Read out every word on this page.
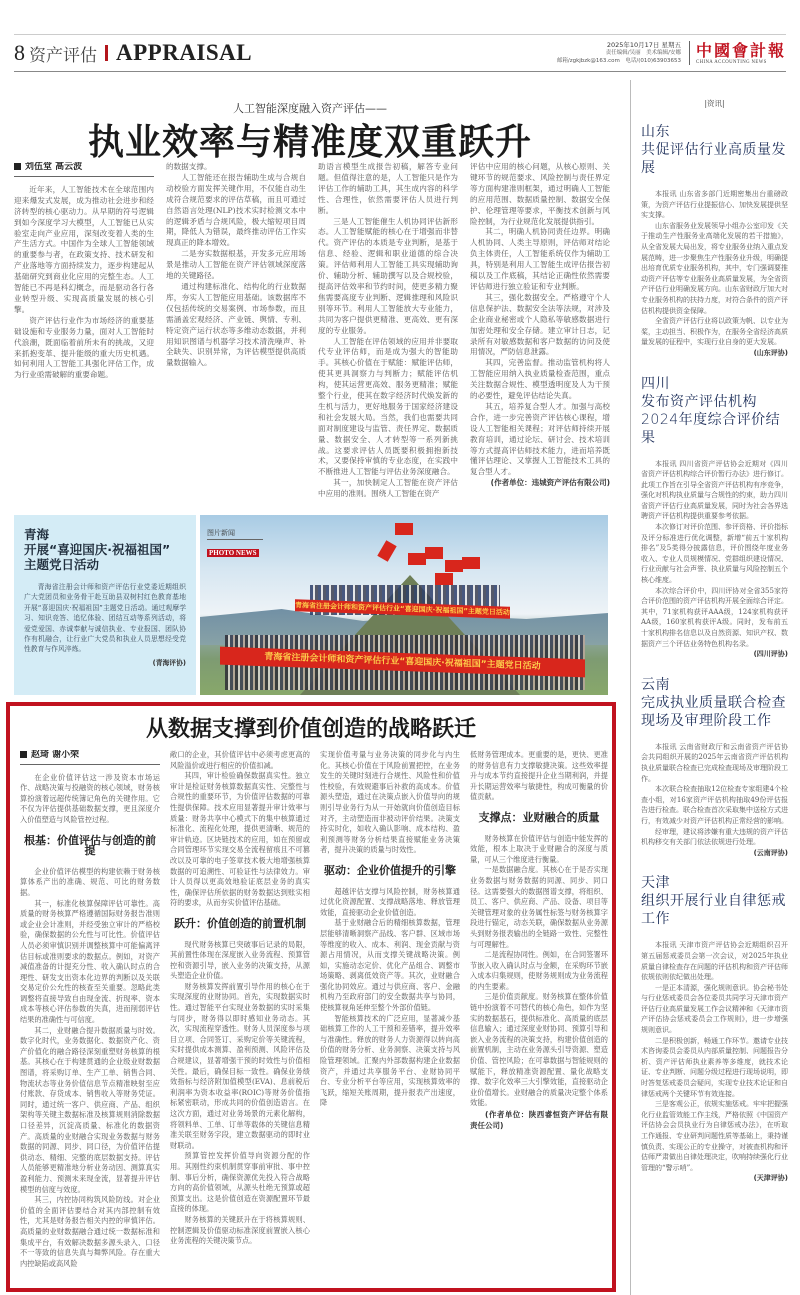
8 资产评估 APPRAISAL	2025年10月17日 星期五
责任编辑/吴丽　美术编辑/安娜
邮箱/zgkjbzk@163.com　电话/(010)63903653
中國會計報
CHINA ACCOUNTING NEWS
人工智能深度融入资产评估——
执业效率与精准度双重跃升
刘伍堂 高云波

近年来，人工智能技术在全球范围内迎来爆发式发展，成为推动社会进步和经济转型的核心驱动力。从早期的符号逻辑到如今深度学习大模型，人工智能已从实验室走向产业应用，深刻改变着人类的生产生活方式。中国作为全球人工智能领域的重要参与者，在政策支持、技术研发和产业落地等方面持续发力，逐步构建起从基础研究到商业化应用的完整生态。人工智能已不再是科幻概念，而是驱动各行各业转型升级、实现高质量发展的核心引擎。

资产评估行业作为市场经济的重要基础设施和专业服务力量，面对人工智能时代浪潮，既面临着前所未有的挑战，又迎来抓抱变革、提升能级的重大历史机遇。如何利用人工智能工具强化评估工作，成为行业亟需破解的重要命题。

的数据支撑。

人工智能还在报告辅助生成与合规自动校验方面发挥关键作用，不仅能自动生成符合规范要求的评估草稿，而且可通过自然语言处理(NLP)技术实时检测文本中的逻辑矛盾与合规风险，极大缩短项目周期，降低人为错误，最终推动评估工作实现真正的降本增效。

二是夯实数据根基，开发多元应用场景是推动人工智能在资产评估领域深度落地的关键路径。

通过构建标准化、结构化的行业数据库，夯实人工智能应用基础。该数据库不仅包括传统的交易案例、市场参数，而且需涵盖宏观经济、产业链、舆情、专利、特定资产运行状态等多维动态数据，并利用知识图谱与机器学习技术清洗噪声、补全缺失、识别异常，为评估模型提供高质量数据输入。

助语言模型生成报告初稿，解答专业问题。但值得注意的是，人工智能只是作为评估工作的辅助工具，其生成内容的科学性、合理性，依然需要评估人员进行判断。

三是人工智能催生人机协同评估新形态。人工智能赋能的核心在于增强而非替代。资产评估的本质是专业判断，是基于信息、经验、逻辑和职业道德的综合决策。评估师利用人工智能工具实现辅助询价、辅助分析、辅助撰写以及合规校验，提高评估效率和节约时间，使更多精力聚焦需要高度专业判断、逻辑推理和风险识别等环节。利用人工智能放大专业能力，共同为客户提供更精准、更高效、更有深度的专业服务。

人工智能在评估领域的应用并非要取代专业评估师，而是成为强大的智能助手。其核心价值在于赋能：赋能评估师，使其更具洞察力与判断力；赋能评估机构，使其运营更高效、服务更精准；赋能整个行业，使其在数字经济时代焕发新的生机与活力，更好地服务于国家经济建设和社会发展大局。当然，我们也需要共同面对制度建设与监管、责任界定、数据质量、数据安全、人才转型等一系列新挑战。这要求评估人员既要积极拥抱新技术，又要保持审慎的专业态度，在实践中不断推进人工智能与评估业务深度融合。

其一，加快制定人工智能在资产评估中应用的准则。围绕人工智能在资产

评估中应用的核心问题，从核心原则、关键环节的规范要求、风险控制与责任界定等方面构建准则框架，通过明确人工智能的应用范围、数据质量控制、数据安全保护、伦理管理等要求，平衡技术创新与风险控制，为行业规范化发展提供指引。

其二，明确人机协同责任边界。明确人机协同、人类主导原则，评估师对结论负主体责任，人工智能系统仅作为辅助工具，特别是利用人工智能生成评估报告初稿以及工作底稿，其结论正确性依然需要评估师进行独立验证和专业判断。

其三，强化数据安全。严格遵守个人信息保护法、数据安全法等法规，对涉及企业商业秘密或个人隐私等敏感数据进行加密处理和安全存储。建立审计日志，记录所有对敏感数据和客户数据的访问及使用情况，严防信息泄露。

其四，完善监督。推动监管机构将人工智能应用纳入执业质量检查范围，重点关注数据合规性、模型透明度及人为干预的必要性，避免评估结论失真。

其五，培养复合型人才。加强与高校合作，进一步完善资产评估核心课程，增设人工智能相关课程；对评估师持续开展教育培训，通过论坛、研讨会、技术培训等方式提高评估师技术能力，进而培养既懂评估理论、又掌握人工智能技术工具的复合型人才。

(作者单位：违城资产评估有限公司)
青海
开展“喜迎国庆·祝福祖国”
主题党日活动
青海省注册会计师和资产评估行业党委近期组织广大党团员和业务骨干赴互助县双树村红色教育基地开展“喜迎国庆·祝福祖国”主题党日活动。通过观摩学习、知识竞答、追忆体验、团结互动等系列活动，将爱党爱国、赤诚奉献与诚信执业、专业报国、团队协作有机融合，让行业广大党员和执业人员思想经受党性教育与作风淬炼。
(青海评协)
青海省注册会计师和资产评估行业“喜迎国庆·祝福祖国”主题党日活动
青海省注册会计师和资产评估行业“喜迎国庆·祝福祖国”主题党日活动
图片新闻
PHOTO NEWS
从数据支撑到价值创造的战略跃迁
赵琦 谢小荣

在企业价值评估这一涉及资本市场运作、战略决策与投融资的核心领域，财务核算扮演着远超传统簿记角色的关键作用。它不仅为评估提供基础数据支撑，更且深度介入价值塑造与风险管控过程。

根基：价值评估与创造的前提

企业价值评估模型的构建依赖于财务核算体系产出的准确、规范、可比的财务数据。

其一，标准化核算保障评估可靠性。高质量的财务核算严格遵循国际财务报告准则或企业会计准则，并经受独立审计的严格校验，确保数据的公允性与可比性。价值评估人员必须审慎识别并调整核算中可能偏离评估目标或准则要求的数据点。例如，对资产减值准备的计提充分性、收入确认时点的合理性、研发支出资本化边界的判断以及关联交易定价公允性的核查至关重要。忽略此类调整将直接导致自由现金流、折现率、资本成本等核心评估参数的失真，进而削弱评估结果的准确性与可信度。

其二，业财融合提升数据质量与时效。数字化时代，业务数据化、数据资产化、资产价值化的融合路径深刻重塑财务核算的根基。其核心在于构建贯通的企业级业财数据图谱，将采购订单、生产工单、销售合同、物流状态等业务价值信息节点精准映射至应付账款、存货成本、销售收入等财务凭证。同时，通过统一客户、供应商、产品、组织架构等关键主数据标准及核算规则消除数据口径差异，沉淀高质量、标准化的数据资产。高质量的业财融合实现业务数据与财务数据的同源、同步、同口径，为价值评估提供动态、精细、完整的底层数据支持。评估人员能够更精准地分析业务动因、测算真实盈利能力、预测未来现金流，显著提升评估模型的信度与效度。

其三，内控协同构筑风险防线。对企业价值的全面评估要结合对其内部控制有效性，尤其是财务报告相关内控的审慎评估。高质量的业财数据融合通过统一数据标准和集成平台，有效解决数据多源头录入、口径不一等致的信息失真与舞弊风险。存在重大内控缺陷或高风险

敞口的企业，其价值评估中必须考虑更高的风险溢价或进行相应的价值扣减。

其四，审计检验确保数据真实性。独立审计是检证财务核算数据真实性、完整性与合规性的重要环节，为价值评估数据的可靠性提供保障。技术应用显著提升审计效率与质量：财务共享中心模式下的集中核算通过标准化、流程化处理，提供更清晰、规范的审计轨迹。区块链技术的应用，如在预留或合同管理环节实现交易全流程留痕且不可篡改以及可靠的电子签章技术极大地增强核算数据的可追溯性、可验证性与法律效力。审计人员得以更高效地验证底层业务的真实性，确保评估所依据的财务数据达到账实相符的要求，从而夯实价值评估基础。

跃升：价值创造的前置机制

现代财务核算已突破事后记录的局限，其前置性体现在深度嵌入业务流程、预算管控和资源引导，嵌入业务的决策支持，从源头塑造企业价值。

财务核算发挥前置引导作用的核心在于实现深度的业财协同。首先，实现数据实时性。通过智能平台实现业务数据的实时采集与同步，财务得以即时感知业务动态。其次，实现流程穿透性。财务人员深度参与项目立项、合同签订、采购定价等关键流程，实时提供成本测算、盈利预测、风险评估及合规建议，显著增强干预的时效性与价值相关性。最后，确保目标一致性。确保业务绩效指标与经济附加值模型(EVA)、息前税后利润率为资本收益率(ROIC)等财务价值指标紧密联动，形成共同的价值创造语言。在这次方面，通过对业务场景的元素化解构，将领料单、工单、订单等载体的关键信息精准关联至财务字段，建立数据驱动的即时业财联动。

预算管控发挥价值导向资源分配的作用。其刚性约束机制贯穿事前审批、事中控制、事后分析，确保资源优先投入符合战略方向的高价值领域，从源头杜绝无预算或超预算支出。这是价值创造在资源配置环节最直接的体现。

财务核算的关键跃升在于将核算规则、控制逻辑及价值驱动标准深度前置嵌入核心业务流程的关键决策节点。

实现价值考量与业务决策的同步化与内生化。其核心价值在于风险前置把控，在业务发生的关键时刻进行合规性、风险性和价值性校验，有效规避事后补救的高成本。价值源头塑造，通过在决策点嵌入价值导向的规则引导业务行为从一开始就向价值创造目标对齐，主动塑造而非被动评价结果。决策支持实时化，如收入确认影响、成本结构、盈利预测等财务分析结果直接赋能业务决策者，提升决策的质量与时效性。

驱动：企业价值提升的引擎

超越评估支撑与风险控制，财务核算通过优化资源配置、支撑战略落地、释放管理效能，直接驱动企业价值创造。

基于业财融合后的精细核算数据，管理层能够清晰洞察产品线、客户群、区域市场等维度的收入、成本、利润、现金贡献与资源占用情况，从而支撑关键战略决策。例如，实施动态定价、优化产品组合、调整市场策略、剥离低效资产等。其次，业财融合强化协同效应。通过与供应商、客户、金融机构乃至政府部门的安全数据共享与协同，使核算视角延伸至整个外部价值链。

智能核算技术的广泛应用，显著减少基础核算工作的人工干预和差错率，提升效率与准确性。释放的财务人力资源得以转向高价值的财务分析、业务洞察、决策支持与风险管理领域。汇聚内外部数据构建企业数据资产，并通过共享服务平台、业财协同平台、专业分析平台等应用，实现核算效率的飞跃，缩短关账周期，提升报表产出速度，降

低财务管理成本。更重要的是，更快、更准的财务信息有力支撑敏捷决策。这些效率提升与成本节约直接提升企业当期利润，并提升长期运营效率与敏捷性，构成可衡量的价值贡献。

支撑点：业财融合的质量

财务核算在价值评估与创造中能发挥的效能，根本上取决于业财融合的深度与质量，可从三个维度进行衡量。

一是数据融合度。其核心在于是否实现业务数据与财务数据的同源、同步、同口径。这需要强大的数据图谱支撑，将组织、员工、客户、供应商、产品、设备、项目等关键管理对象的业务属性标签与财务核算字段进行锚定，动态关联，确保数据从业务源头到财务报表输出的全链路一致性、完整性与可理解性。

二是流程协同性。例如，在合同签署环节嵌入收入确认时点与金额，在采购环节嵌入成本归集规则，使财务规则成为业务流程的内生要素。

三是价值贡献度。财务核算在整体价值链中扮演着不可替代的核心角色，如作为坚实的数据基石，提供标准化、高质量的底层信息输入；通过深度业财协同、预算引导和嵌入业务流程的决策支持，构建价值创造的前置机制，主动在业务源头引导资源、塑造价值、管控风险；在可靠数据与智能规则的赋能下，释放精准资源配置、量化战略支撑、数字化效率三大引擎效能，直接驱动企业价值增长。业财融合的质量决定整个体系效能。

(作者单位：陕西睿恒资产评估有限责任公司)
|资讯|
山东
共促评估行业高质量发展

本报讯 山东省多部门近期密集出台重磅政策，为资产评估行业提振信心、加快发展提供坚实支撑。

山东省服务业发展领导小组办公室印发《关于推动生产性服务业高端化发展的若干措施》，从全省发展大局出发，将专业服务业纳入重点发展范畴，进一步聚焦生产性服务业升级，明确提出培育优质专业服务机构，其中，专门强调要推动资产评估等专业服务业高质量发展，为全省资产评估行业明确发展方向。山东省财政厅加大对专业服务机构的扶持力度，对符合条件的资产评估机构提供资金保障。

全省资产评估行业将以政策为帆、以专业为桨，主动担当、积极作为，在服务全省经济高质量发展的征程中，实现行业自身的更大发展。

(山东评协)
四川
发布资产评估机构2024年度综合评价结果

本报讯 四川省资产评估协会近期对《四川省资产评估机构综合评价暂行办法》进行修订。此项工作旨在引导全省资产评估机构有序竞争，强化对机构执业质量与合规性的约束，助力四川省资产评估行业高质量发展，同时为社会各界选聘资产评估机构提供重要参考依据。

本次修订对评价范围、参评资格、评价指标及评分标准进行优化调整，新增“前五十家机构排名”及5类得分披露信息，评价围绕年度业务收入、专业人员规模情况、党群组织建设情况、行业贡献与社会声誉、执业质量与风险控制五个核心维度。

本次综合评价中，四川评协对全省355家符合评价范围的资产评估机构开展全面综合评定。其中，71家机构获评AAA级，124家机构获评AA级，160家机构获评A级。同时，发布前五十家机构排名信息以及自然资源、知识产权、数据资产三个评估业务特色机构名录。

(四川评协)
云南
完成执业质量联合检查现场及审理阶段工作

本报讯 云南省财政厅和云南省资产评估协会共同组织开展的2025年云南省资产评估机构执业质量联合检查已完成检查现场及审理阶段工作。

本次联合检查抽取12位检查专家组建4个检查小组，对16家资产评估机构抽取49份评估报告进行检查。联合检查首次采取集中送检方式进行，有效减少对资产评估机构正常经营的影响。

经审理，建议将涉嫌有重大违规的资产评估机构移交有关部门依法依规进行处理。

(云南评协)
天津
组织开展行业自律惩戒工作

本报讯 天津市资产评估协会近期组织召开第五届惩戒委员会第一次会议，对2025年执业质量自律检查存在问题的评估机构和资产评估师依规依则依纪做出处理。

一是正本清源，强化规则意识。协会秘书处与行业惩戒委员会各位委员共同学习天津市资产评估行业高质量发展工作会议精神和《天津市资产评估协会惩戒委员会工作规则》，进一步增强规则意识。

二是积极创新，畅通工作环节。邀请专业技术咨询委员会委员从内部质量控制、问题报告分析、资产评估师执业素养等多维度，就技术论证、专业判断、问题分级过程进行现场说明，即时答复惩戒委员会疑问，实现专业技术论证和自律惩戒两个关键环节有效连接。

三是客观公正，依规实施惩戒。牢牢把握强化行业监管效能工作主线，严格依照《中国资产评估协会会员执业行为自律惩戒办法》，在听取工作通报、专业研判问题性质等基础上，秉持谨慎负责、实现公正的专业操守，对被查机构和评估师严肃做出自律处理决定，吹响持续强化行业管理的“警示哨”。

(天津评协)
